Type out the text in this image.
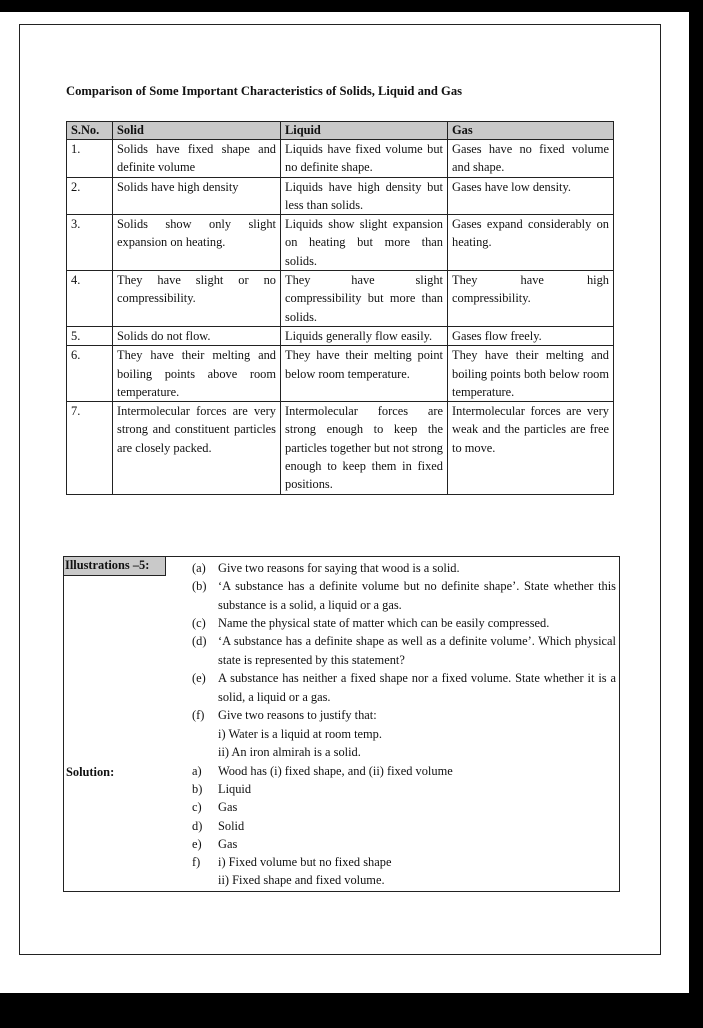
Comparison of Some Important Characteristics of Solids, Liquid and Gas
S.No.	Solid	Liquid	Gas
1.	Solids have fixed shape and definite volume	Liquids have fixed volume but no definite shape.	Gases have no fixed volume and shape.
2.	Solids have high density	Liquids have high density but less than solids.	Gases have low density.
3.	Solids show only slight expansion on heating.	Liquids show slight expansion on heating but more than solids.	Gases expand considerably on heating.
4.	They have slight or no compressibility.	They have slight compressibility but more than solids.	They have high compressibility.
5.	Solids do not flow.	Liquids generally flow easily.	Gases flow freely.
6.	They have their melting and boiling points above room temperature.	They have their melting point below room temperature.	They have their melting and boiling points both below room temperature.
7.	Intermolecular forces are very strong and constituent particles are closely packed.	Intermolecular forces are strong enough to keep the particles together but not strong enough to keep them in fixed positions.	Intermolecular forces are very weak and the particles are free to move.
Illustrations –5:	(a) Give two reasons for saying that wood is a solid.
(b) ‘A substance has a definite volume but no definite shape’. State whether this substance is a solid, a liquid or a gas.
(c) Name the physical state of matter which can be easily compressed.
(d) ‘A substance has a definite shape as well as a definite volume’. Which physical state is represented by this statement?
(e) A substance has neither a fixed shape nor a fixed volume. State whether it is a solid, a liquid or a gas.
(f) Give two reasons to justify that:
i) Water is a liquid at room temp.
ii) An iron almirah is a solid.
Solution:	a) Wood has (i) fixed shape, and (ii) fixed volume
b) Liquid
c) Gas
d) Solid
e) Gas
f) i) Fixed volume but no fixed shape
ii) Fixed shape and fixed volume.
